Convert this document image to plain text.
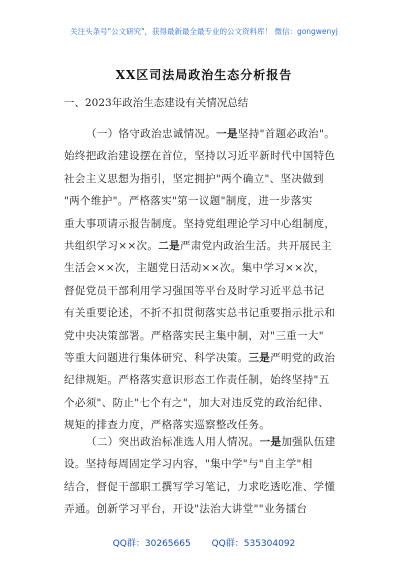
关注头条号"公文研究"，获得最新最全最专业的公文资料库！ 微信：gongwenyj
XX区司法局政治生态分析报告
一、2023年政治生态建设有关情况总结
（一）恪守政治忠诚情况。一是坚持"首题必政治"。
始终把政治建设摆在首位，坚持以习近平新时代中国特色
社会主义思想为指引，坚定拥护"两个确立"、坚决做到
"两个维护"。严格落实"第一议题"制度，进一步落实
重大事项请示报告制度。坚持党组理论学习中心组制度，
共组织学习××次。二是严肃党内政治生活。共开展民主
生活会××次，主题党日活动××次。集中学习××次，
督促党员干部利用学习强国等平台及时学习近平总书记
有关重要论述，不折不扣贯彻落实总书记重要指示批示和
党中央决策部署。严格落实民主集中制，对"三重一大"
等重大问题进行集体研究、科学决策。三是严明党的政治
纪律规矩。严格落实意识形态工作责任制，始终坚持"五
个必须"、防止"七个有之"，加大对违反党的政治纪律、
规矩的排查力度，严格落实巡察整改任务。
（二）突出政治标准选人用人情况。一是加强队伍建
设。坚持每周固定学习内容，"集中学"与"自主学"相
结合，督促干部职工撰写学习笔记，力求吃透吃准、学懂
弄通。创新学习平台，开设"法治大讲堂""业务擂台
QQ群：30265665 QQ群：535304092
